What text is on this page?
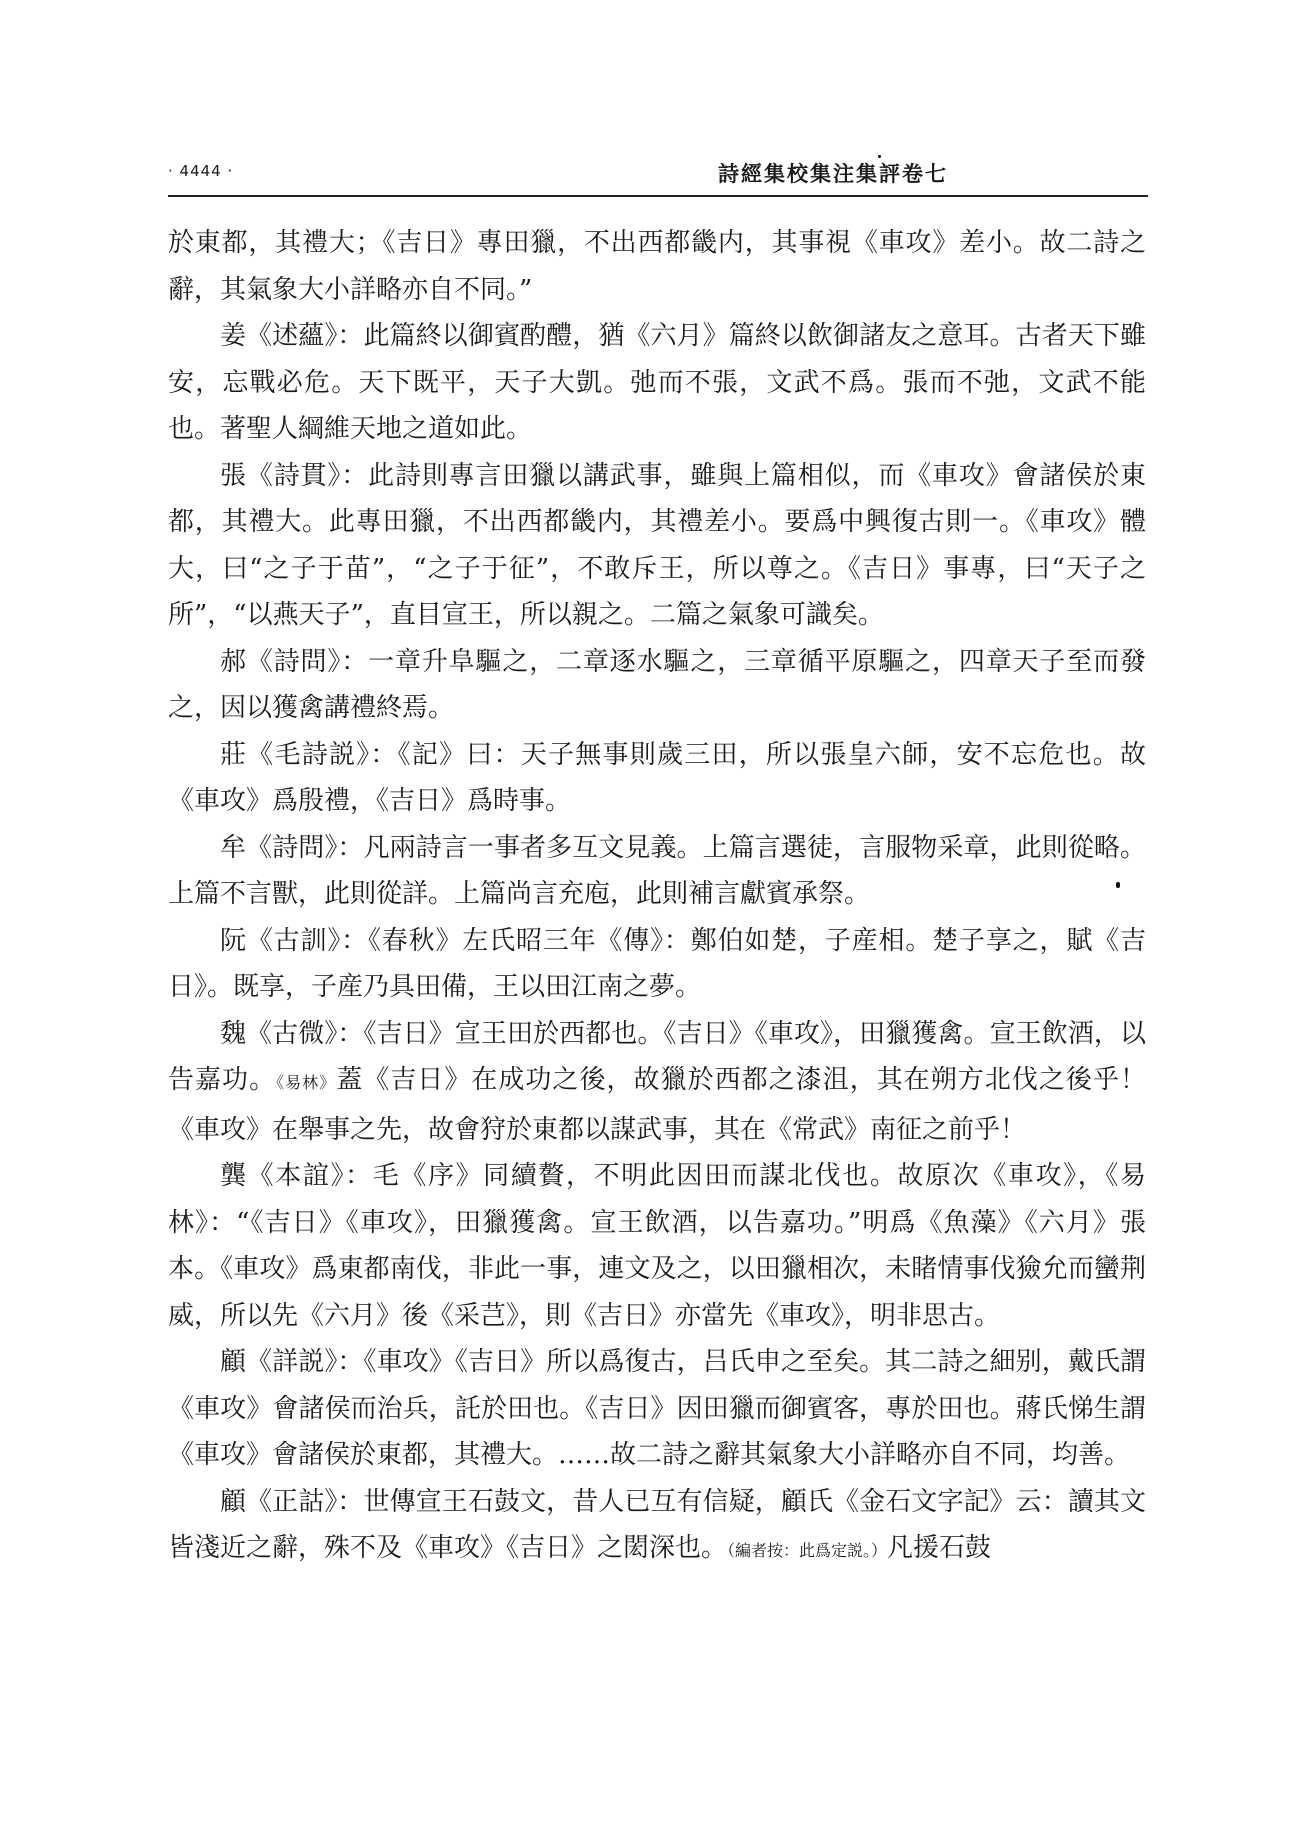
· 4444 ·	詩經集校集注集評卷七

於東都，其禮大；《吉日》專田獵，不出西都畿内，其事視《車攻》差小。故二詩之辭，其氣象大小詳略亦自不同。”

姜《述蘊》：此篇終以御賓酌醴，猶《六月》篇終以飲御諸友之意耳。古者天下雖安，忘戰必危。天下既平，天子大凱。弛而不張，文武不爲。張而不弛，文武不能也。著聖人綱維天地之道如此。

張《詩貫》：此詩則專言田獵以講武事，雖與上篇相似，而《車攻》會諸侯於東都，其禮大。此專田獵，不出西都畿内，其禮差小。要爲中興復古則一。《車攻》體大，曰“之子于苗”，“之子于征”，不敢斥王，所以尊之。《吉日》事專，曰“天子之所”，“以燕天子”，直目宣王，所以親之。二篇之氣象可識矣。

郝《詩問》：一章升阜驅之，二章逐水驅之，三章循平原驅之，四章天子至而發之，因以獲禽講禮終焉。

莊《毛詩説》：《記》曰：天子無事則歲三田，所以張皇六師，安不忘危也。故《車攻》爲殷禮，《吉日》爲時事。

牟《詩問》：凡兩詩言一事者多互文見義。上篇言選徒，言服物采章，此則從略。上篇不言獸，此則從詳。上篇尚言充庖，此則補言獻賓承祭。

阮《古訓》：《春秋》左氏昭三年《傳》：鄭伯如楚，子産相。楚子享之，賦《吉日》。既享，子産乃具田備，王以田江南之夢。

魏《古微》：《吉日》宣王田於西都也。《吉日》《車攻》，田獵獲禽。宣王飲酒，以告嘉功。《易林》蓋《吉日》在成功之後，故獵於西都之漆沮，其在朔方北伐之後乎！《車攻》在舉事之先，故會狩於東都以謀武事，其在《常武》南征之前乎！

龔《本誼》：毛《序》同續贅，不明此因田而謀北伐也。故原次《車攻》，《易林》：“《吉日》《車攻》，田獵獲禽。宣王飲酒，以告嘉功。”明爲《魚藻》《六月》張本。《車攻》爲東都南伐，非此一事，連文及之，以田獵相次，未睹情事伐獫允而蠻荆威，所以先《六月》後《采芑》，則《吉日》亦當先《車攻》，明非思古。

顧《詳説》：《車攻》《吉日》所以爲復古，吕氏申之至矣。其二詩之細别，戴氏謂《車攻》會諸侯而治兵，託於田也。《吉日》因田獵而御賓客，專於田也。蔣氏悌生謂《車攻》會諸侯於東都，其禮大。……故二詩之辭其氣象大小詳略亦自不同，均善。

顧《正詁》：世傳宣王石鼓文，昔人已互有信疑，顧氏《金石文字記》云：讀其文皆淺近之辭，殊不及《車攻》《吉日》之閎深也。（編者按：此爲定説。）凡援石鼓
